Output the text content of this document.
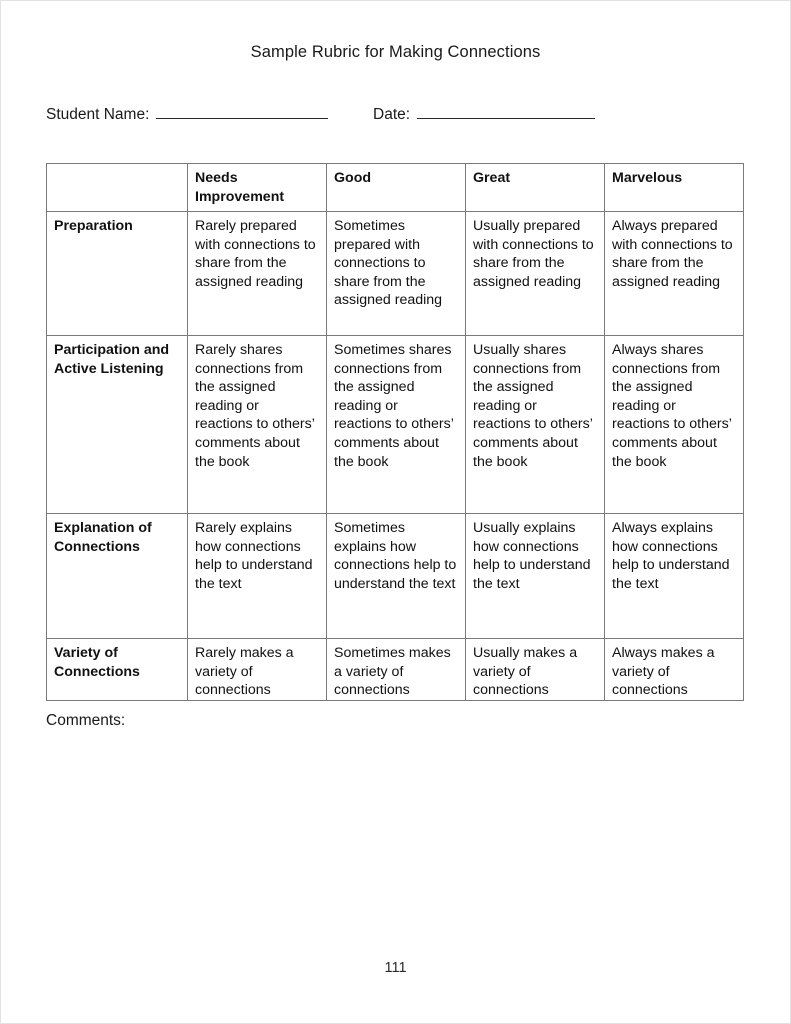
Sample Rubric for Making Connections
Student Name:	Date:
	Needs Improvement	Good	Great	Marvelous
Preparation	Rarely prepared with connections to share from the assigned reading	Sometimes prepared with connections to share from the assigned reading	Usually prepared with connections to share from the assigned reading	Always prepared with connections to share from the assigned reading
Participation and Active Listening	Rarely shares connections from the assigned reading or reactions to others’ comments about the book	Sometimes shares connections from the assigned reading or reactions to others’ comments about the book	Usually shares connections from the assigned reading or reactions to others’ comments about the book	Always shares connections from the assigned reading or reactions to others’ comments about the book
Explanation of Connections	Rarely explains how connections help to understand the text	Sometimes explains how connections help to understand the text	Usually explains how connections help to understand the text	Always explains how connections help to understand the text
Variety of Connections	Rarely makes a variety of connections	Sometimes makes a variety of connections	Usually makes a variety of connections	Always makes a variety of connections
Comments:
111
